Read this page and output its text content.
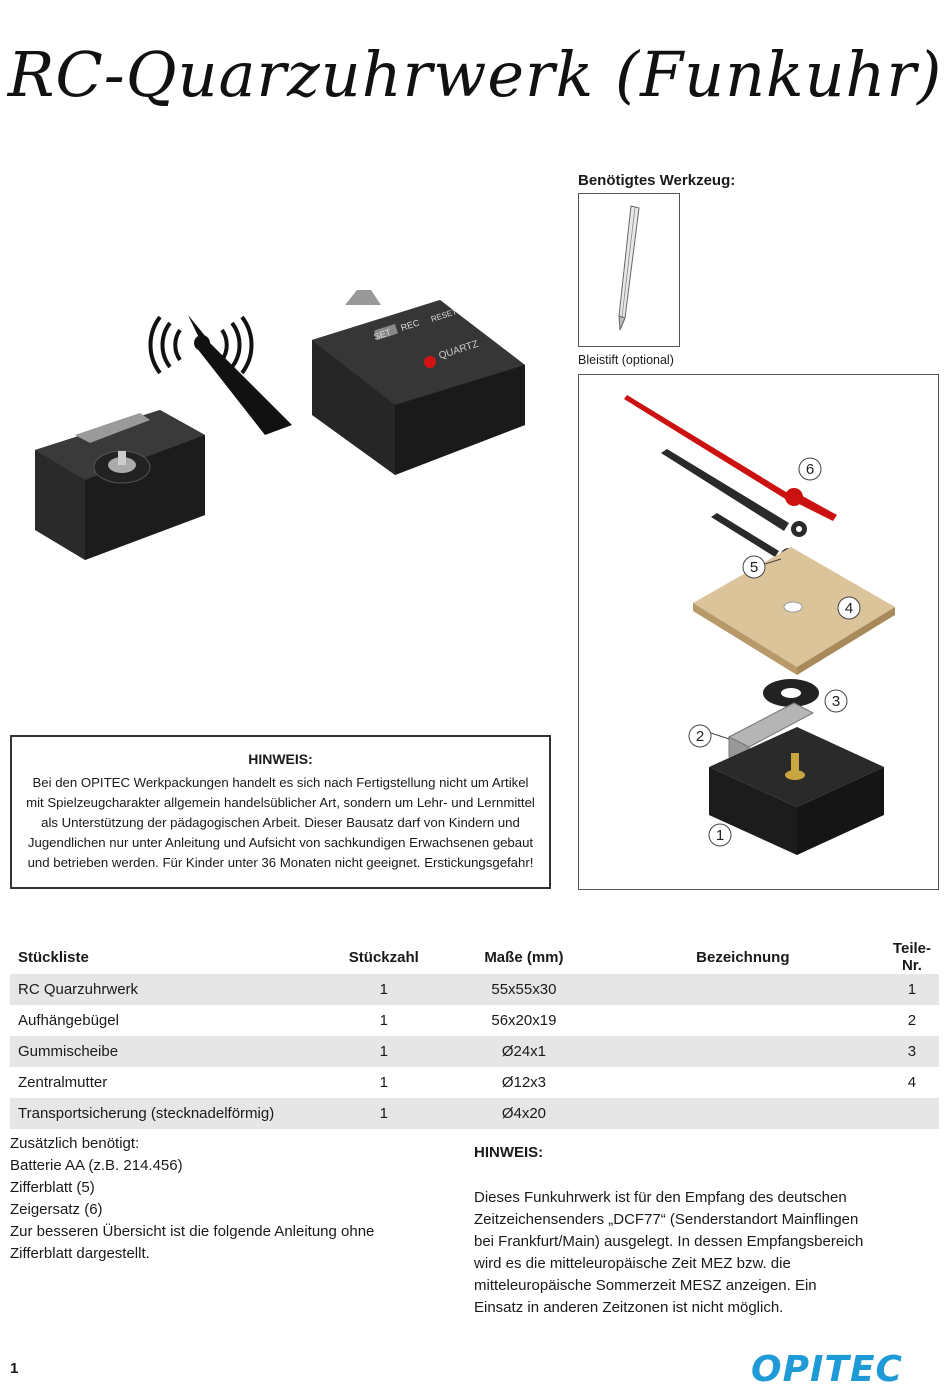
RC-Quarzuhrwerk (Funkuhr)
SET
REC
RESET
QUARTZ
Benötigtes Werkzeug:
Bleistift (optional)
1
2
3
4
5
6
HINWEIS:
Bei den OPITEC Werkpackungen handelt es sich nach Fertigstellung nicht um Artikel mit Spielzeugcharakter allgemein handelsüblicher Art, sondern um Lehr- und Lernmittel als Unterstützung der pädagogischen Arbeit. Dieser Bausatz darf von Kindern und Jugendlichen nur unter Anleitung und Aufsicht von sachkundigen Erwachsenen gebaut und betrieben werden. Für Kinder unter 36 Monaten nicht geeignet. Erstickungsgefahr!
Stückliste	Stückzahl	Maße (mm)	Bezeichnung	Teile-Nr.
RC Quarzuhrwerk	1	55x55x30		1
Aufhängebügel	1	56x20x19		2
Gummischeibe	1	Ø24x1		3
Zentralmutter	1	Ø12x3		4
Transportsicherung (stecknadelförmig)	1	Ø4x20		
Zusätzlich benötigt:
Batterie AA (z.B. 214.456)
Zifferblatt (5)
Zeigersatz (6)
Zur besseren Übersicht ist die folgende Anleitung ohne
Zifferblatt dargestellt.
HINWEIS:
Dieses Funkuhrwerk ist für den Empfang des deutschen Zeitzeichensenders „DCF77“ (Senderstandort Mainflingen bei Frankfurt/Main) ausgelegt. In dessen Empfangsbereich wird es die mitteleuropäische Zeit MEZ bzw. die mitteleuropäische Sommerzeit MESZ anzeigen. Ein Einsatz in anderen Zeitzonen ist nicht möglich.
1	OPITEC
